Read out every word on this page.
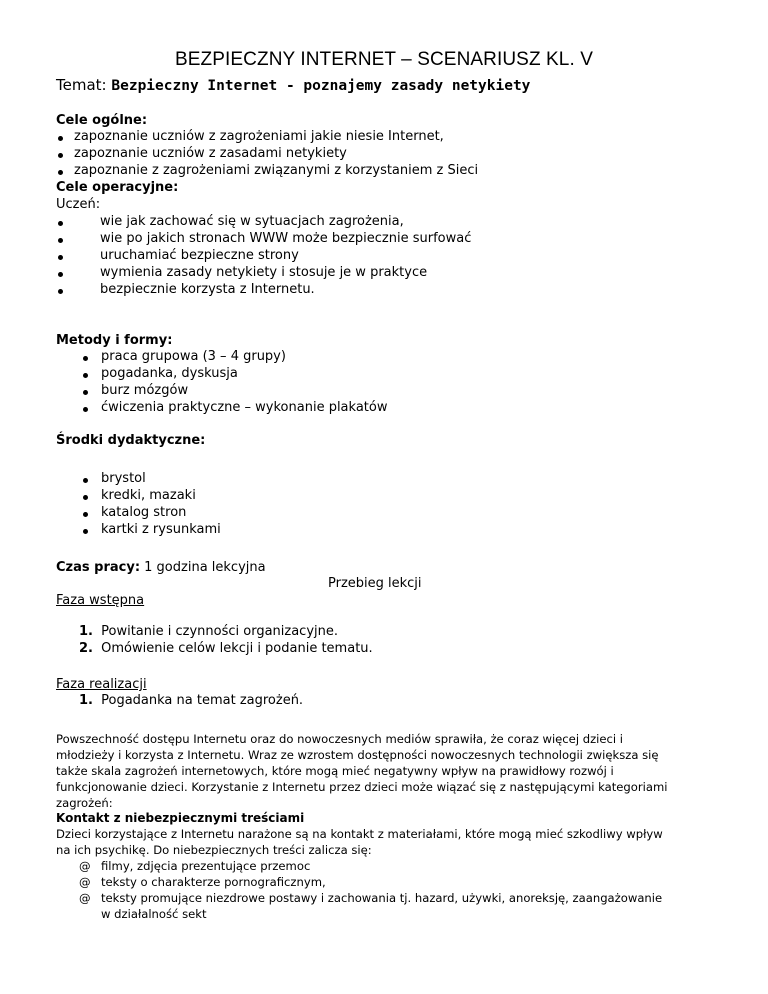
BEZPIECZNY INTERNET – SCENARIUSZ KL. V
Temat: Bezpieczny Internet - poznajemy zasady netykiety
Cele ogólne:
zapoznanie uczniów z zagrożeniami jakie niesie Internet,
zapoznanie uczniów z zasadami netykiety
zapoznanie z zagrożeniami związanymi z korzystaniem z Sieci
Cele operacyjne:
Uczeń:
wie jak zachować się w sytuacjach zagrożenia,
wie po jakich stronach WWW może bezpiecznie surfować
uruchamiać bezpieczne strony
wymienia zasady netykiety i stosuje je w praktyce
bezpiecznie korzysta z Internetu.
Metody i formy:
praca grupowa (3 – 4 grupy)
pogadanka, dyskusja
burz mózgów
ćwiczenia praktyczne – wykonanie plakatów
Środki dydaktyczne:
brystol
kredki, mazaki
katalog stron
kartki z rysunkami
Czas pracy: 1 godzina lekcyjna
Przebieg lekcji
Faza wstępna
1. Powitanie i czynności organizacyjne.
2. Omówienie celów lekcji i podanie tematu.
Faza realizacji
1. Pogadanka na temat zagrożeń.
Powszechność dostępu Internetu oraz do nowoczesnych mediów sprawiła, że coraz więcej dzieci i
młodzieży i korzysta z Internetu. Wraz ze wzrostem dostępności nowoczesnych technologii zwiększa się
także skala zagrożeń internetowych, które mogą mieć negatywny wpływ na prawidłowy rozwój i
funkcjonowanie dzieci. Korzystanie z Internetu przez dzieci może wiązać się z następującymi kategoriami
zagrożeń:
Kontakt z niebezpiecznymi treściami
Dzieci korzystające z Internetu narażone są na kontakt z materiałami, które mogą mieć szkodliwy wpływ
na ich psychikę. Do niebezpiecznych treści zalicza się:
@ filmy, zdjęcia prezentujące przemoc
@ teksty o charakterze pornograficznym,
@ teksty promujące niezdrowe postawy i zachowania tj. hazard, używki, anoreksję, zaangażowanie
w działalność sekt
